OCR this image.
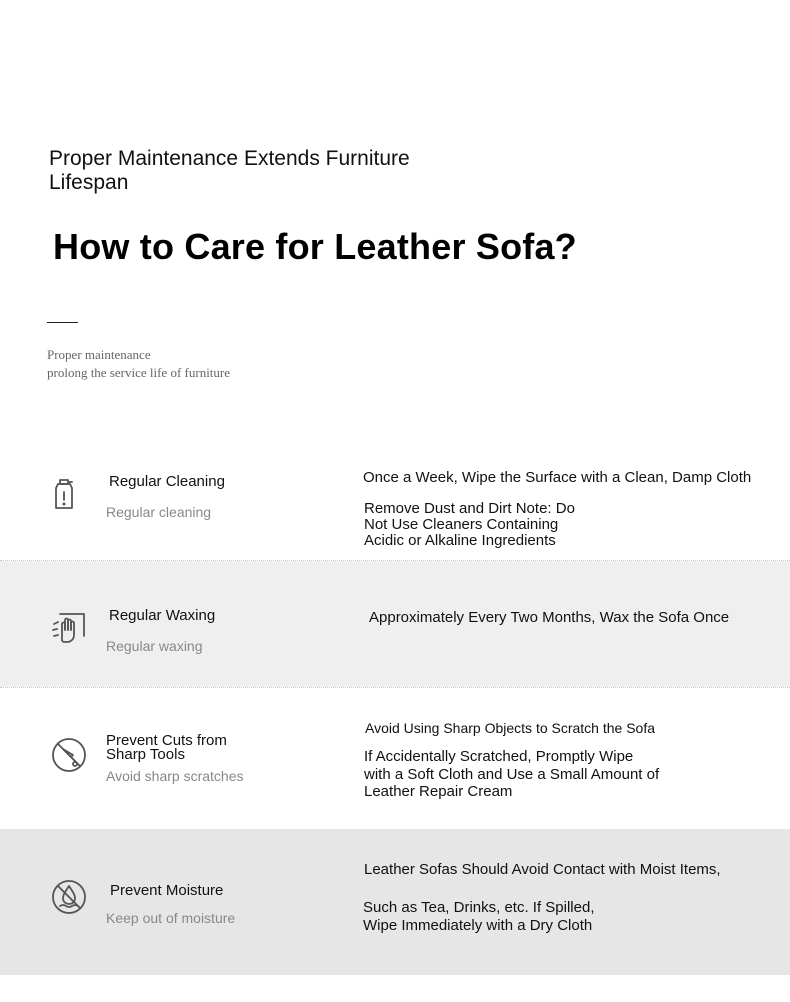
Proper Maintenance Extends Furniture Lifespan
How to Care for Leather Sofa?
Proper maintenance
prolong the service life of furniture
Regular Cleaning
Regular cleaning
Once a Week, Wipe the Surface with a Clean, Damp Cloth
Remove Dust and Dirt Note: Do Not Use Cleaners Containing Acidic or Alkaline Ingredients
Regular Waxing
Regular waxing
Approximately Every Two Months, Wax the Sofa Once
Prevent Cuts from Sharp Tools
Avoid sharp scratches
Avoid Using Sharp Objects to Scratch the Sofa
If Accidentally Scratched, Promptly Wipe with a Soft Cloth and Use a Small Amount of Leather Repair Cream
Prevent Moisture
Keep out of moisture
Leather Sofas Should Avoid Contact with Moist Items,
Such as Tea, Drinks, etc. If Spilled, Wipe Immediately with a Dry Cloth
